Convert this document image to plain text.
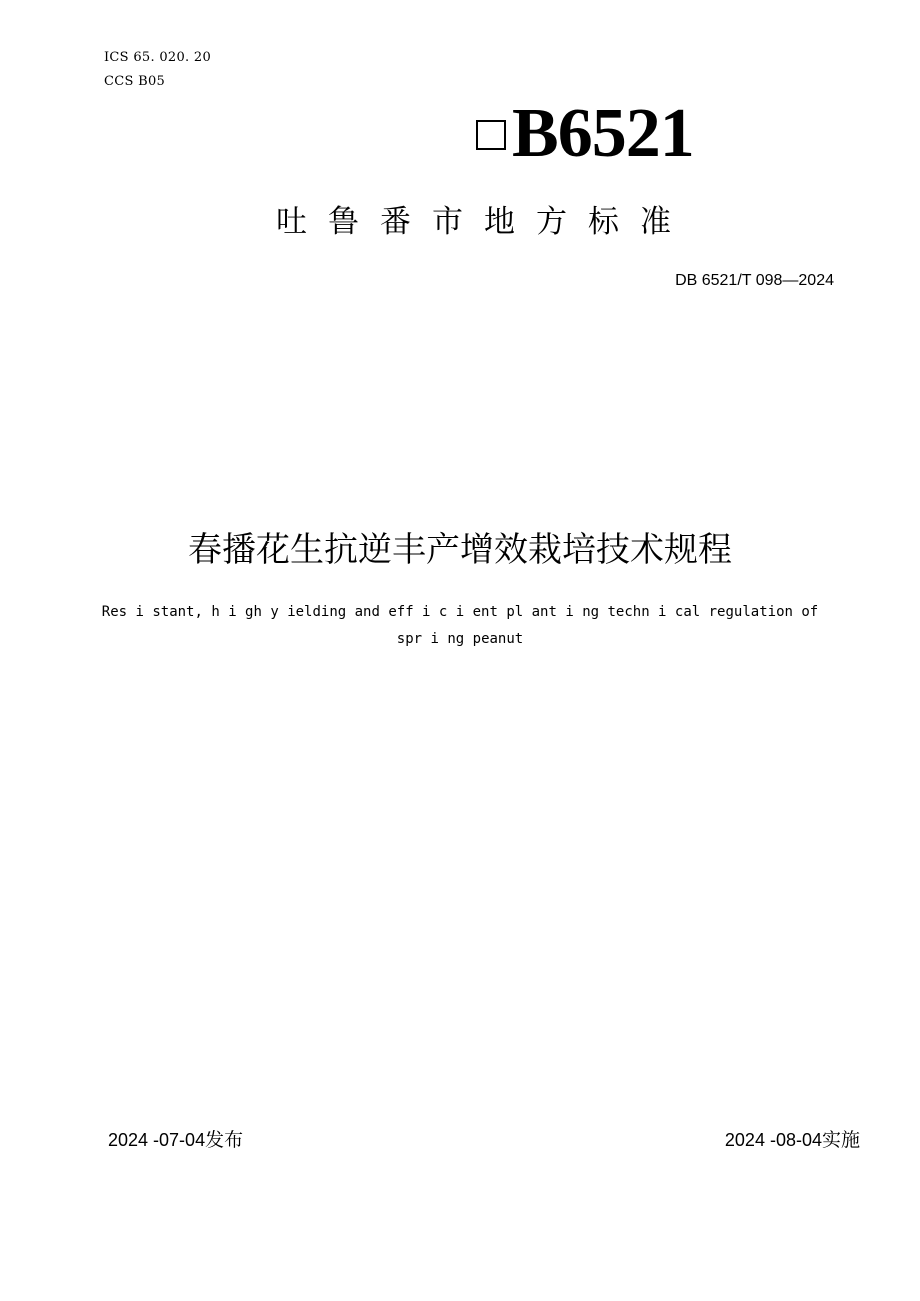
ICS 65. 020. 20
CCS B05
B6521
吐鲁番市地方标准
DB 6521/T 098—2024
春播花生抗逆丰产增效栽培技术规程
Res i stant, h i gh y ielding and eff i c i ent pl ant i ng techn i cal regulation of
spr i ng peanut
2024 -07-04发布	2024 -08-04实施
